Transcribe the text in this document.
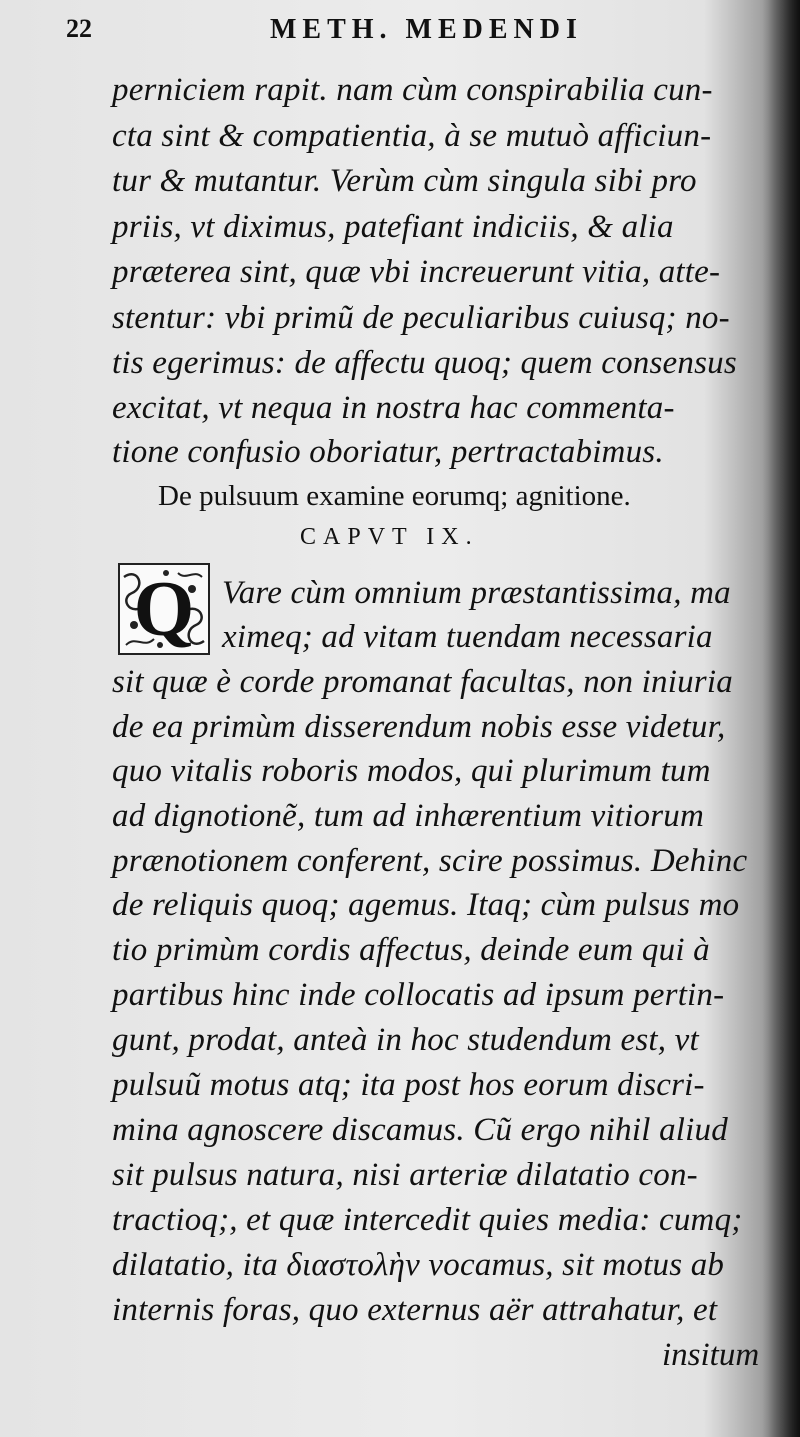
22	METH. MEDENDI
perniciem rapit. nam cùm conspirabilia cun-
cta sint & compatientia, à se mutuò afficiun-
tur & mutantur. Verùm cùm singula sibi pro
priis, vt diximus, patefiant indiciis, & alia
præterea sint, quæ vbi increuerunt vitia, atte-
stentur: vbi primũ de peculiaribus cuiusq; no-
tis egerimus: de affectu quoq; quem consensus
excitat, vt nequa in nostra hac commenta-
tione confusio oboriatur, pertractabimus.
De pulsuum examine eorumq; agnitione.
CAPVT IX.
Q Vare cùm omnium præstantissima, ma
ximeq; ad vitam tuendam necessaria
sit quæ è corde promanat facultas, non iniuria
de ea primùm disserendum nobis esse videtur,
quo vitalis roboris modos, qui plurimum tum
ad dignotionẽ, tum ad inhærentium vitiorum
prænotionem conferent, scire possimus. Dehinc
de reliquis quoq; agemus. Itaq; cùm pulsus mo
tio primùm cordis affectus, deinde eum qui à
partibus hinc inde collocatis ad ipsum pertin-
gunt, prodat, anteà in hoc studendum est, vt
pulsuũ motus atq; ita post hos eorum discri-
mina agnoscere discamus. Cũ ergo nihil aliud
sit pulsus natura, nisi arteriæ dilatatio con-
tractioq;, et quæ intercedit quies media: cumq;
dilatatio, ita διαστολὴν vocamus, sit motus ab
internis foras, quo externus aër attrahatur, et
insitum
